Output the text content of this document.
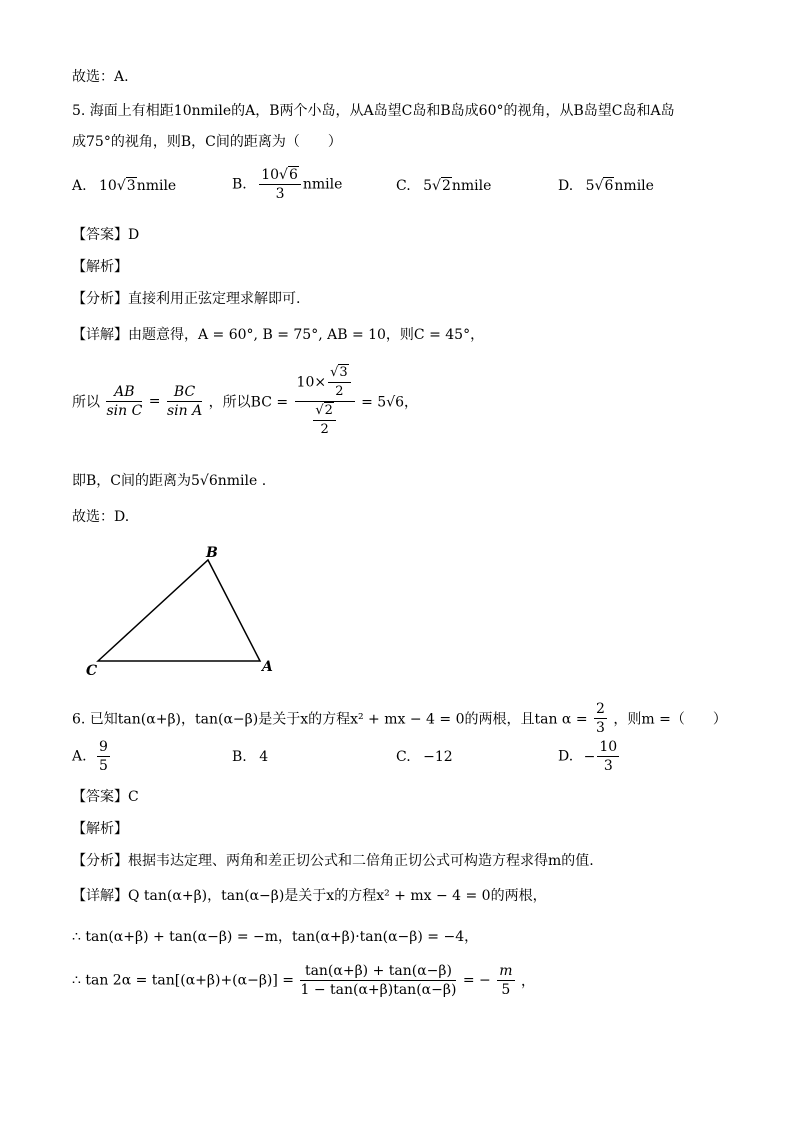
故选：A.
5. 海面上有相距10nmile的A，B两个小岛，从A岛望C岛和B岛成60°的视角，从B岛望C岛和A岛
成75°的视角，则B，C间的距离为（　　）
A. 10√3nmile	B. $\frac{10√6}{3}$ nmile	C. 5√2nmile	D. 5√6nmile
【答案】D
【解析】
【分析】直接利用正弦定理求解即可.
【详解】由题意得，A = 60°, B = 75°, AB = 10，则C = 45°，
所以 $\frac{AB}{\text{sin C}} = \frac{BC}{\text{sin A}}$ ，所以BC = $\frac{10\times \frac{√3}{2}}{\frac{√2}{2}} = 5√6$，
即B，C间的距离为5√6nmile .
故选：D.
B
C	A
6. 已知tan(α+β)，tan(α−β)是关于x的方程x² + mx − 4 = 0的两根，且$\tan \alpha = \frac{2}{3}$ ，则m =（　　）
A. $\frac{9}{5}$	B. 4	C. −12	D. − $\frac{10}{3}$
【答案】C
【解析】
【分析】根据韦达定理、两角和差正切公式和二倍角正切公式可构造方程求得m的值.
【详解】Q tan(α+β)，tan(α−β)是关于x的方程x² + mx − 4 = 0的两根，
∴ tan(α+β) + tan(α−β) = −m，tan(α+β)·tan(α−β) = −4，
∴ $\tan 2\alpha = \tan[(\alpha+\beta)+(\alpha-\beta)] = \frac{\tan(\alpha+\beta) + \tan(\alpha-\beta)}{1 - \tan(\alpha+\beta)\tan(\alpha-\beta)}$ = − $\frac{m}{5}$ ，
